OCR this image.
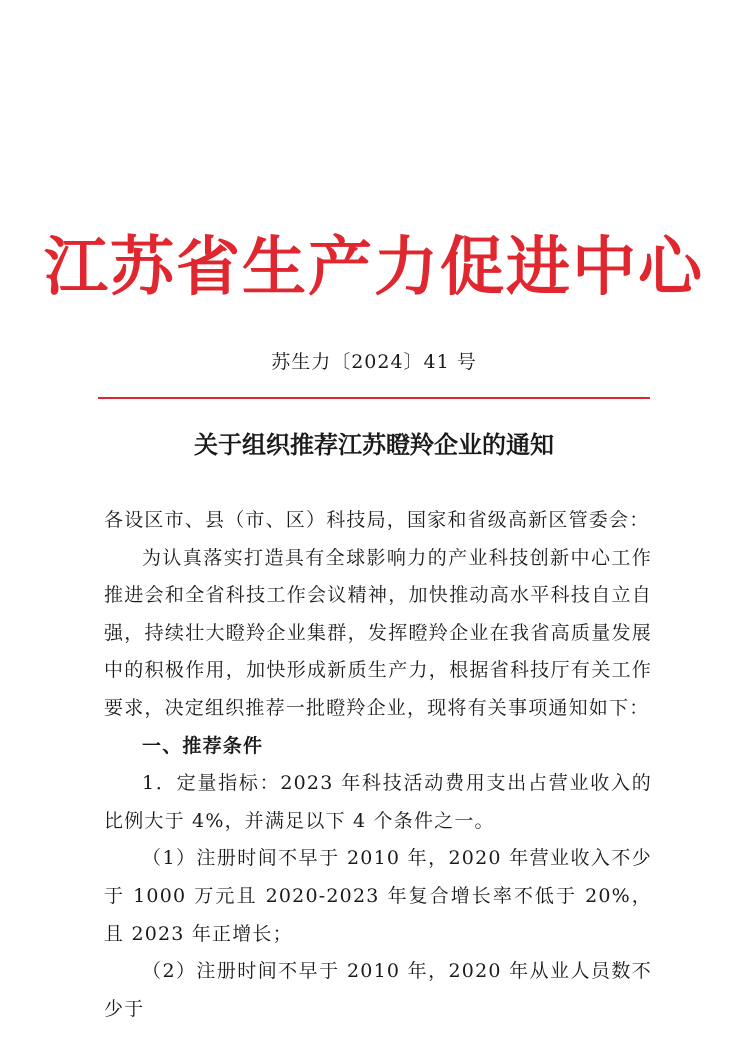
江苏省生产力促进中心
苏生力〔2024〕41 号
关于组织推荐江苏瞪羚企业的通知

各设区市、县（市、区）科技局，国家和省级高新区管委会：

为认真落实打造具有全球影响力的产业科技创新中心工作推进会和全省科技工作会议精神，加快推动高水平科技自立自强，持续壮大瞪羚企业集群，发挥瞪羚企业在我省高质量发展中的积极作用，加快形成新质生产力，根据省科技厅有关工作要求，决定组织推荐一批瞪羚企业，现将有关事项通知如下：

一、推荐条件

1．定量指标：2023 年科技活动费用支出占营业收入的比例大于 4%，并满足以下 4 个条件之一。

（1）注册时间不早于 2010 年，2020 年营业收入不少于 1000 万元且 2020-2023 年复合增长率不低于 20%，且 2023 年正增长；

（2）注册时间不早于 2010 年，2020 年从业人员数不少于
